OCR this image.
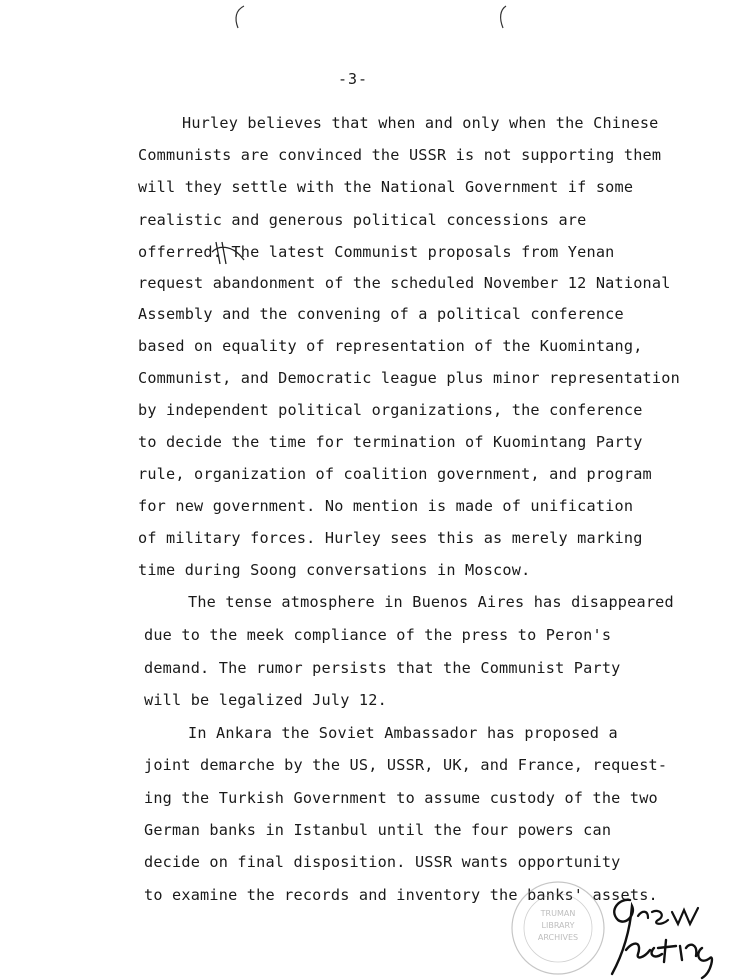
-3-
Hurley believes that when and only when the Chinese
Communists are convinced the USSR is not supporting them
will they settle with the National Government if some
realistic and generous political concessions are
offerred. The latest Communist proposals from Yenan
request abandonment of the scheduled November 12 National
Assembly and the convening of a political conference
based on equality of representation of the Kuomintang,
Communist, and Democratic league plus minor representation
by independent political organizations, the conference
to decide the time for termination of Kuomintang Party
rule, organization of coalition government, and program
for new government. No mention is made of unification
of military forces. Hurley sees this as merely marking
time during Soong conversations in Moscow.
The tense atmosphere in Buenos Aires has disappeared
due to the meek compliance of the press to Peron's
demand. The rumor persists that the Communist Party
will be legalized July 12.
In Ankara the Soviet Ambassador has proposed a
joint demarche by the US, USSR, UK, and France, request-
ing the Turkish Government to assume custody of the two
German banks in Istanbul until the four powers can
decide on final disposition. USSR wants opportunity
to examine the records and inventory the banks' assets.
TRUMAN
LIBRARY
ARCHIVES
